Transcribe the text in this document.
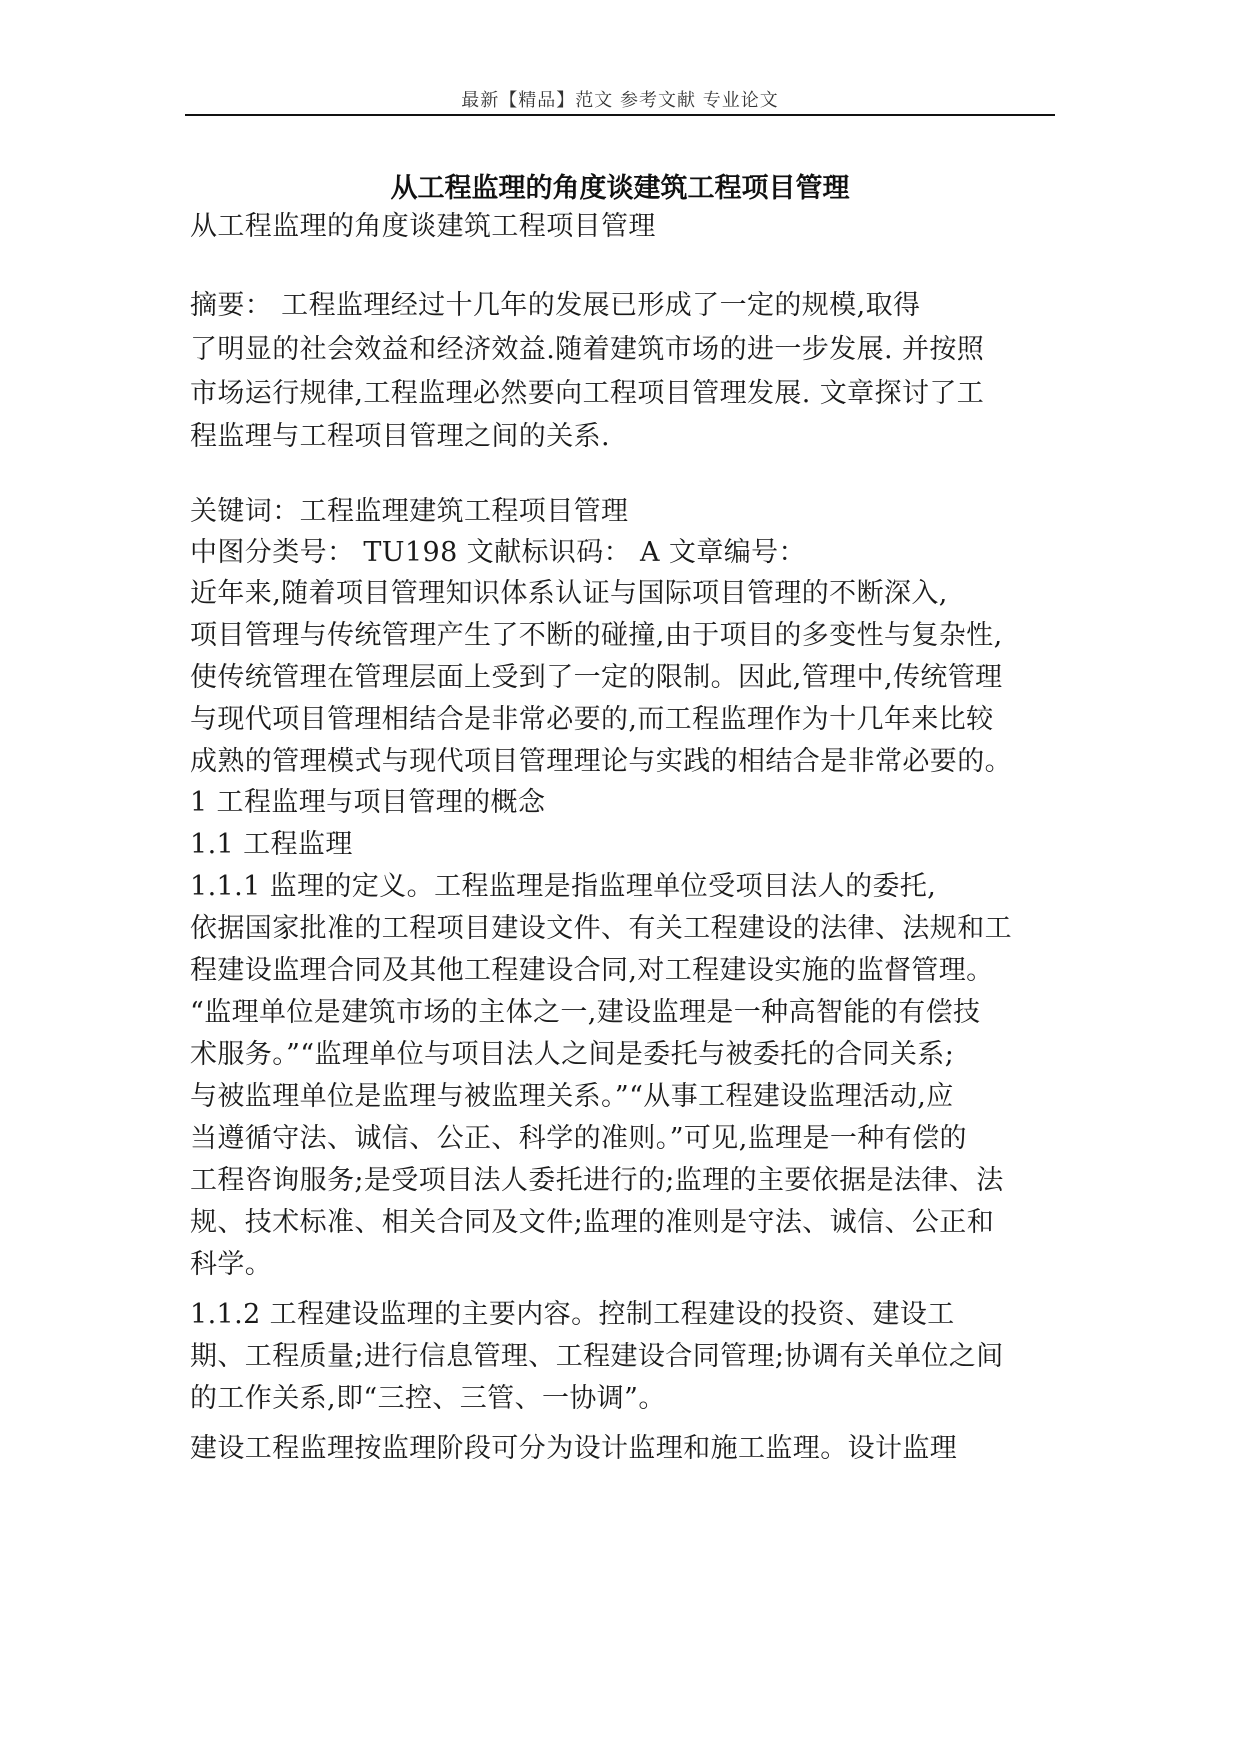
最新【精品】范文 参考文献 专业论文
从工程监理的角度谈建筑工程项目管理
从工程监理的角度谈建筑工程项目管理
摘要： 工程监理经过十几年的发展已形成了一定的规模,取得
了明显的社会效益和经济效益.随着建筑市场的进一步发展. 并按照
市场运行规律,工程监理必然要向工程项目管理发展. 文章探讨了工
程监理与工程项目管理之间的关系.
关键词：工程监理建筑工程项目管理
中图分类号： TU198 文献标识码： A 文章编号：
近年来,随着项目管理知识体系认证与国际项目管理的不断深入,
项目管理与传统管理产生了不断的碰撞,由于项目的多变性与复杂性,
使传统管理在管理层面上受到了一定的限制。因此,管理中,传统管理
与现代项目管理相结合是非常必要的,而工程监理作为十几年来比较
成熟的管理模式与现代项目管理理论与实践的相结合是非常必要的。
1 工程监理与项目管理的概念
1.1 工程监理
1.1.1 监理的定义。工程监理是指监理单位受项目法人的委托,
依据国家批准的工程项目建设文件、有关工程建设的法律、法规和工
程建设监理合同及其他工程建设合同,对工程建设实施的监督管理。
“监理单位是建筑市场的主体之一,建设监理是一种高智能的有偿技
术服务。”“监理单位与项目法人之间是委托与被委托的合同关系;
与被监理单位是监理与被监理关系。”“从事工程建设监理活动,应
当遵循守法、诚信、公正、科学的准则。”可见,监理是一种有偿的
工程咨询服务;是受项目法人委托进行的;监理的主要依据是法律、法
规、技术标准、相关合同及文件;监理的准则是守法、诚信、公正和
科学。
1.1.2 工程建设监理的主要内容。控制工程建设的投资、建设工
期、工程质量;进行信息管理、工程建设合同管理;协调有关单位之间
的工作关系,即“三控、三管、一协调”。
建设工程监理按监理阶段可分为设计监理和施工监理。设计监理
